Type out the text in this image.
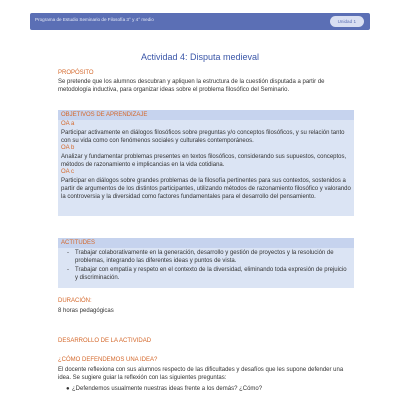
Programa de Estudio Seminario de Filosofía 3° y 4° medio	Unidad 1
Actividad 4: Disputa medieval
PROPÓSITO
Se pretende que los alumnos descubran y apliquen la estructura de la cuestión disputada a partir de metodología inductiva, para organizar ideas sobre el problema filosófico del Seminario.
OBJETIVOS DE APRENDIZAJE
OA a
Participar activamente en diálogos filosóficos sobre preguntas y/o conceptos filosóficos, y su relación tanto con su vida como con fenómenos sociales y culturales contemporáneos.
OA b
Analizar y fundamentar problemas presentes en textos filosóficos, considerando sus supuestos, conceptos, métodos de razonamiento e implicancias en la vida cotidiana.
OA c
Participar en diálogos sobre grandes problemas de la filosofía pertinentes para sus contextos, sostenidos a partir de argumentos de los distintos participantes, utilizando métodos de razonamiento filosófico y valorando la controversia y la diversidad como factores fundamentales para el desarrollo del pensamiento.
ACTITUDES
- Trabajar colaborativamente en la generación, desarrollo y gestión de proyectos y la resolución de problemas, integrando las diferentes ideas y puntos de vista.
- Trabajar con empatía y respeto en el contexto de la diversidad, eliminando toda expresión de prejuicio y discriminación.
DURACIÓN:
8 horas pedagógicas
DESARROLLO DE LA ACTIVIDAD
¿CÓMO DEFENDEMOS UNA IDEA?
El docente reflexiona con sus alumnos respecto de las dificultades y desafíos que les supone defender una idea. Se sugiere guiar la reflexión con las siguientes preguntas:
● ¿Defendemos usualmente nuestras ideas frente a los demás? ¿Cómo?
